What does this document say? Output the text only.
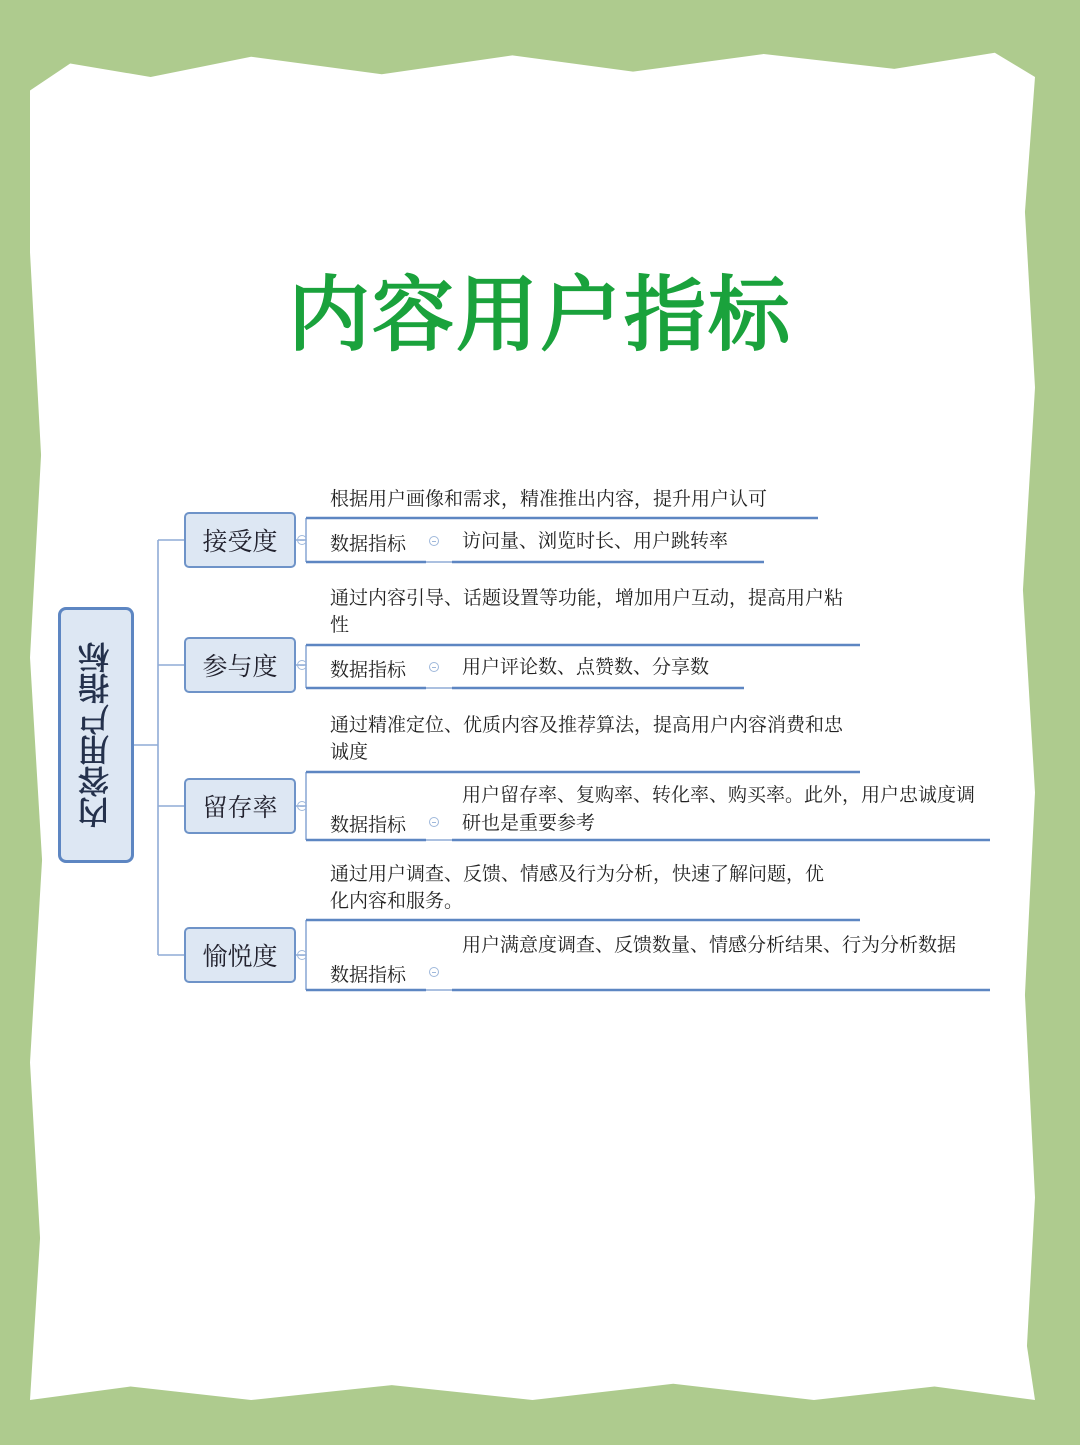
内容用户指标
内容用户指标
接受度
根据用户画像和需求，精准推出内容，提升用户认可
数据指标	访问量、浏览时长、用户跳转率
参与度
通过内容引导、话题设置等功能，增加用户互动，提高用户粘性
数据指标	用户评论数、点赞数、分享数
留存率
通过精准定位、优质内容及推荐算法，提高用户内容消费和忠诚度
数据指标
用户留存率、复购率、转化率、购买率。此外，用户忠诚度调研也是重要参考
愉悦度
通过用户调查、反馈、情感及行为分析，快速了解问题，优化内容和服务。
数据指标
用户满意度调查、反馈数量、情感分析结果、行为分析数据
